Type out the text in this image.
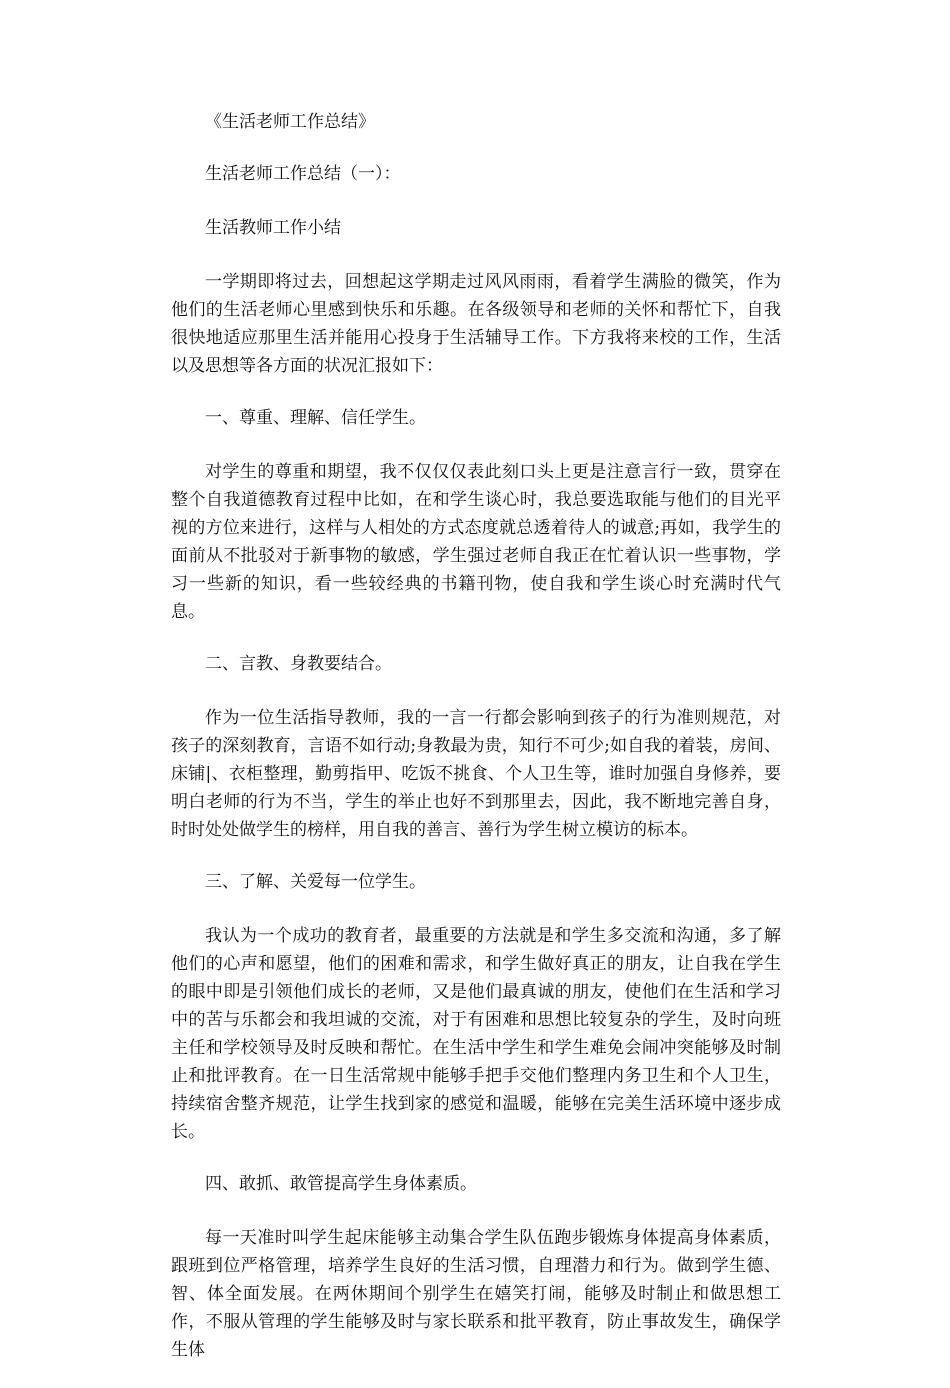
《生活老师工作总结》

生活老师工作总结（一）：

生活教师工作小结

一学期即将过去，回想起这学期走过风风雨雨，看着学生满脸的微笑，作为他们的生活老师心里感到快乐和乐趣。在各级领导和老师的关怀和帮忙下，自我很快地适应那里生活并能用心投身于生活辅导工作。下方我将来校的工作，生活以及思想等各方面的状况汇报如下：

一、尊重、理解、信任学生。

对学生的尊重和期望，我不仅仅仅表此刻口头上更是注意言行一致，贯穿在整个自我道德教育过程中比如，在和学生谈心时，我总要选取能与他们的目光平视的方位来进行，这样与人相处的方式态度就总透着待人的诚意;再如，我学生的面前从不批驳对于新事物的敏感，学生强过老师自我正在忙着认识一些事物，学习一些新的知识，看一些较经典的书籍刊物，使自我和学生谈心时充满时代气息。

二、言教、身教要结合。

作为一位生活指导教师，我的一言一行都会影响到孩子的行为准则规范，对孩子的深刻教育，言语不如行动;身教最为贵，知行不可少;如自我的着装，房间、床铺|、衣柜整理，勤剪指甲、吃饭不挑食、个人卫生等，谁时加强自身修养，要明白老师的行为不当，学生的举止也好不到那里去，因此，我不断地完善自身，时时处处做学生的榜样，用自我的善言、善行为学生树立模访的标本。

三、了解、关爱每一位学生。

我认为一个成功的教育者，最重要的方法就是和学生多交流和沟通，多了解他们的心声和愿望，他们的困难和需求，和学生做好真正的朋友，让自我在学生的眼中即是引领他们成长的老师，又是他们最真诚的朋友，使他们在生活和学习中的苦与乐都会和我坦诚的交流，对于有困难和思想比较复杂的学生，及时向班主任和学校领导及时反映和帮忙。在生活中学生和学生难免会闹冲突能够及时制止和批评教育。在一日生活常规中能够手把手交他们整理内务卫生和个人卫生，持续宿舍整齐规范，让学生找到家的感觉和温暖，能够在完美生活环境中逐步成长。

四、敢抓、敢管提高学生身体素质。

每一天准时叫学生起床能够主动集合学生队伍跑步锻炼身体提高身体素质，跟班到位严格管理，培养学生良好的生活习惯，自理潜力和行为。做到学生德、智、体全面发展。在两休期间个别学生在嬉笑打闹，能够及时制止和做思想工作，不服从管理的学生能够及时与家长联系和批平教育，防止事故发生，确保学生体
